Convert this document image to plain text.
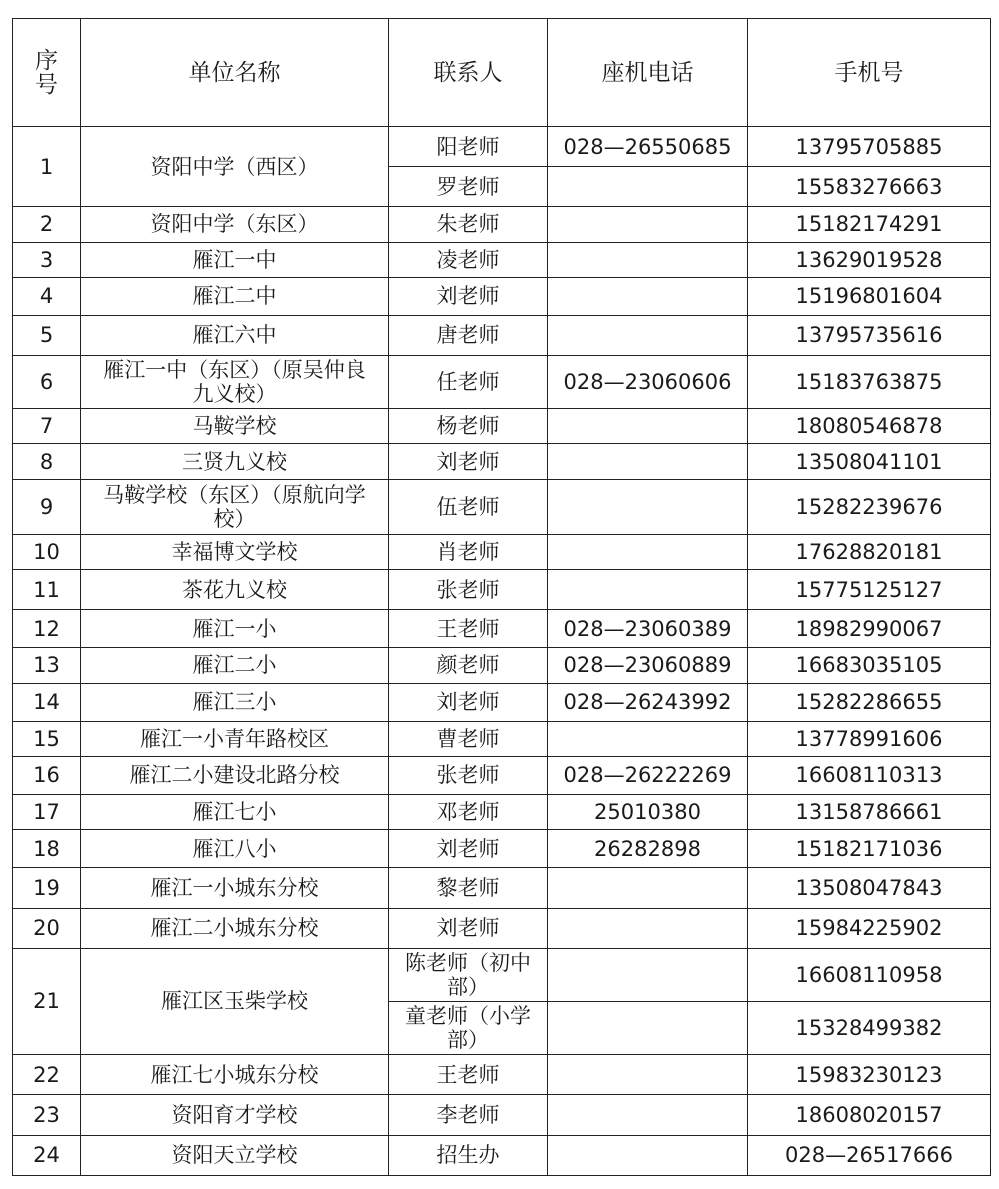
序号	单位名称	联系人	座机电话	手机号
1	资阳中学（西区）	阳老师	028—26550685	13795705885

		罗老师		15583276663
2	资阳中学（东区）	朱老师		15182174291
3	雁江一中	凌老师		13629019528
4	雁江二中	刘老师		15196801604
5	雁江六中	唐老师		13795735616
6	雁江一中（东区）（原吴仲良九义校）	任老师	028—23060606	15183763875
7	马鞍学校	杨老师		18080546878
8	三贤九义校	刘老师		13508041101
9	马鞍学校（东区）（原航向学校）	伍老师		15282239676
10	幸福博文学校	肖老师		17628820181
11	茶花九义校	张老师		15775125127
12	雁江一小	王老师	028—23060389	18982990067
13	雁江二小	颜老师	028—23060889	16683035105
14	雁江三小	刘老师	028—26243992	15282286655
15	雁江一小青年路校区	曹老师		13778991606
16	雁江二小建设北路分校	张老师	028—26222269	16608110313
17	雁江七小	邓老师	25010380	13158786661
18	雁江八小	刘老师	26282898	15182171036
19	雁江一小城东分校	黎老师		13508047843
20	雁江二小城东分校	刘老师		15984225902
21	雁江区玉柴学校	陈老师（初中部）		16608110958

		童老师（小学部）		15328499382
22	雁江七小城东分校	王老师		15983230123
23	资阳育才学校	李老师		18608020157
24	资阳天立学校	招生办		028—26517666
